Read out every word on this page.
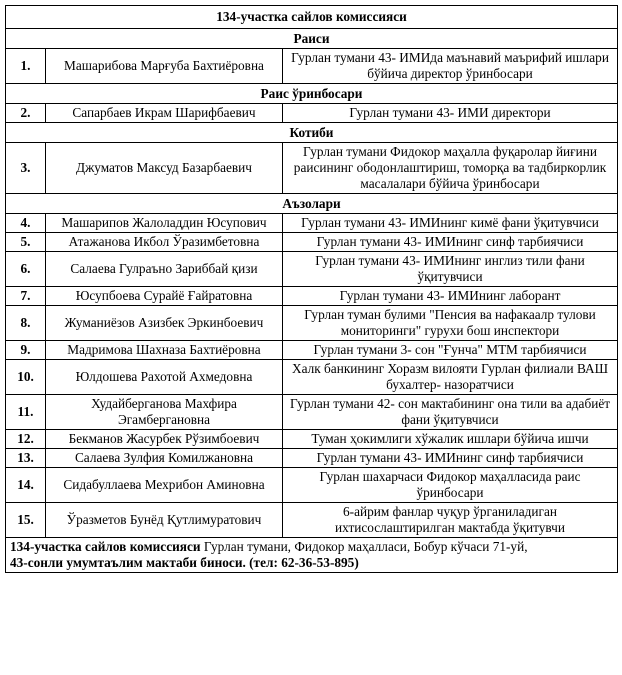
134-участка сайлов комиссияси		
Раиси		
1.	Машарибова Марғуба Бахтиёровна	Гурлан тумани 43- ИМИда маънавий маърифий ишлари бўйича директор ўринбосари
Раис ўринбосари		
2.	Сапарбаев Икрам Шарифбаевич	Гурлан тумани 43- ИМИ директори
Котиби		
3.	Джуматов Максуд Базарбаевич	Гурлан тумани Фидокор маҳалла фуқаролар йиғини раисининг ободонлаштириш, томорқа ва тадбиркорлик масалалари бўйича ўринбосари
Аъзолари		
4.	Машарипов Жалоладдин Юсупович	Гурлан тумани 43- ИМИнинг кимё фани ўқитувчиси
5.	Атажанова Икбол Ўразимбетовна	Гурлан тумани 43- ИМИнинг синф тарбиячиси
6.	Салаева Гулраъно Зариббай қизи	Гурлан тумани 43- ИМИнинг инглиз тили фани ўқитувчиси
7.	Юсупбоева Сурайё Ғайратовна	Гурлан тумани 43- ИМИнинг лаборант
8.	Жуманиёзов Азизбек Эркинбоевич	Гурлан туман булими "Пенсия ва нафакаалр тулови мониторинги" гурухи бош инспектори
9.	Мадримова Шахназа Бахтиёровна	Гурлан тумани 3- сон "Ғунча" МТМ тарбиячиси
10.	Юлдошева Рахотой Ахмедовна	Халк банкининг Хоразм вилояти Гурлан филиали ВАШ бухалтер- назоратчиси
11.	Худайберганова Махфира Эгамбергановна	Гурлан тумани 42- сон мактабининг она тили ва адабиёт фани ўқитувчиси
12.	Бекманов Жасурбек Рўзимбоевич	Туман ҳокимлиги хўжалик ишлари бўйича ишчи
13.	Салаева Зулфия Комилжановна	Гурлан тумани 43- ИМИнинг синф тарбиячиси
14.	Сидабуллаева Мехрибон Аминовна	Гурлан шахарчаси Фидокор маҳалласида раис ўринбосари
15.	Ўразметов Бунёд Қутлимуратович	6-айрим фанлар чуқур ўрганиладиган ихтисослаштирилган мактабда ўқитувчи
134-участка сайлов комиссияси Гурлан тумани, Фидокор маҳалласи, Бобур кўчаси 71-уй,
43-сонли умумтаълим мактаби биноси. (тел: 62-36-53-895)		
